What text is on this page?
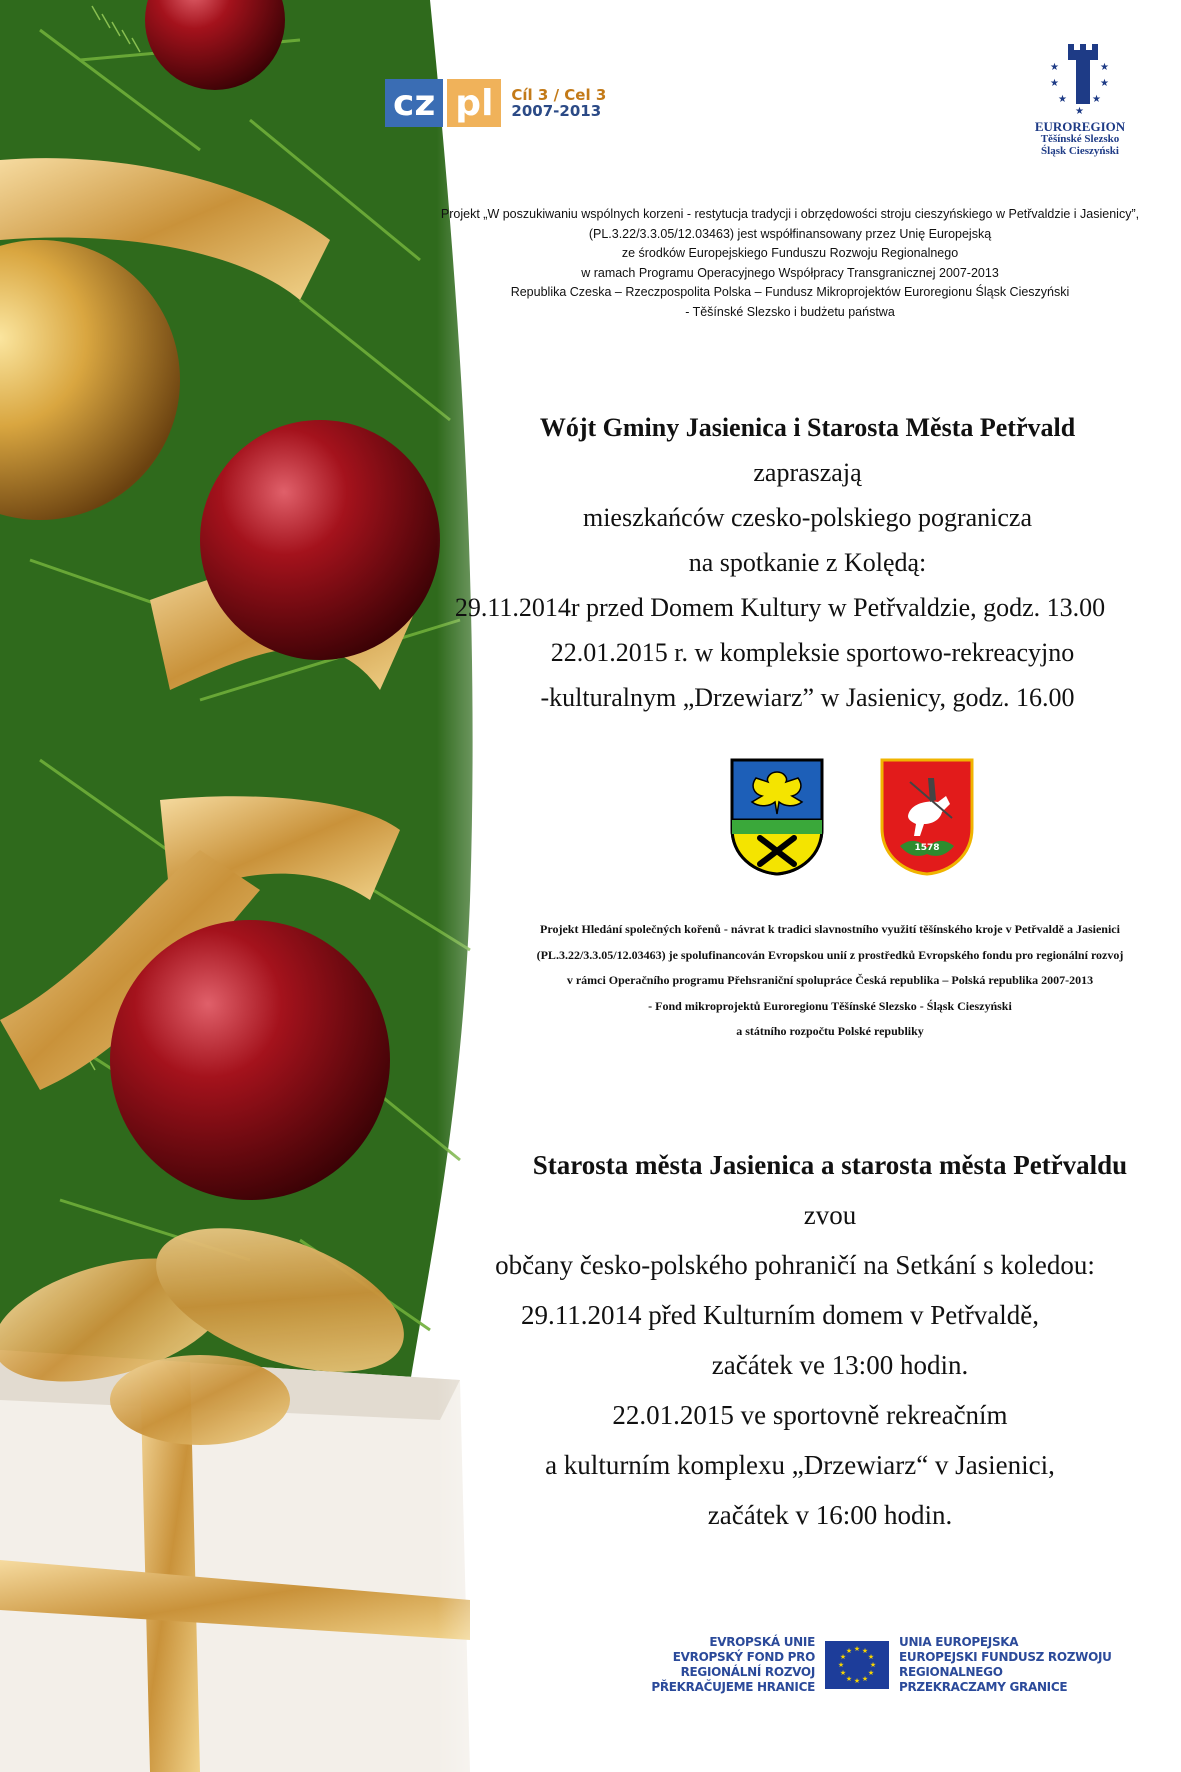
cz pl	Cíl 3 / Cel 3
2007-2013
★	★
★	★
★	★
★
EUROREGION
Těšínské Slezsko
Śląsk Cieszyński
Projekt „W poszukiwaniu wspólnych korzeni - restytucja tradycji i obrzędowości stroju cieszyńskiego w Petřvaldzie i Jasienicy”,
(PL.3.22/3.3.05/12.03463) jest współfinansowany przez Unię Europejską
ze środków Europejskiego Funduszu Rozwoju Regionalnego
w ramach Programu Operacyjnego Współpracy Transgranicznej 2007-2013
Republika Czeska – Rzeczpospolita Polska – Fundusz Mikroprojektów Euroregionu Śląsk Cieszyński
- Těšínské Slezsko i budżetu państwa
Wójt Gminy Jasienica i Starosta Města Petřvald
zapraszają
mieszkańców czesko-polskiego pogranicza
na spotkanie z Kolędą:
29.11.2014r przed Domem Kultury w Petřvaldzie, godz. 13.00
22.01.2015 r. w kompleksie sportowo-rekreacyjno
-kulturalnym „Drzewiarz” w Jasienicy, godz. 16.00
1578
Projekt Hledání společných kořenů - návrat k tradici slavnostního využití těšínského kroje v Petřvaldě a Jasienici
(PL.3.22/3.3.05/12.03463) je spolufinancován Evropskou unií z prostředků Evropského fondu pro regionální rozvoj
v rámci Operačního programu Přehsraniční spolupráce Česká republika – Polská republika 2007-2013
- Fond mikroprojektů Euroregionu Těšínské Slezsko - Śląsk Cieszyński
a státního rozpočtu Polské republiky
Starosta města Jasienica a starosta města Petřvaldu
zvou
občany česko-polského pohraničí na Setkání s koledou:
29.11.2014 před Kulturním domem v Petřvaldě,
začátek ve 13:00 hodin.
22.01.2015 ve sportovně rekreačním
a kulturním komplexu „Drzewiarz“ v Jasienici,
začátek v 16:00 hodin.
EVROPSKÁ UNIE
EVROPSKÝ FOND PRO REGIONÁLNÍ ROZVOJ
PŘEKRAČUJEME HRANICE
★ ★
★
★
★
★
★
★
★
★
★
★
UNIA EUROPEJSKA
EUROPEJSKI FUNDUSZ ROZWOJU REGIONALNEGO
PRZEKRACZAMY GRANICE
